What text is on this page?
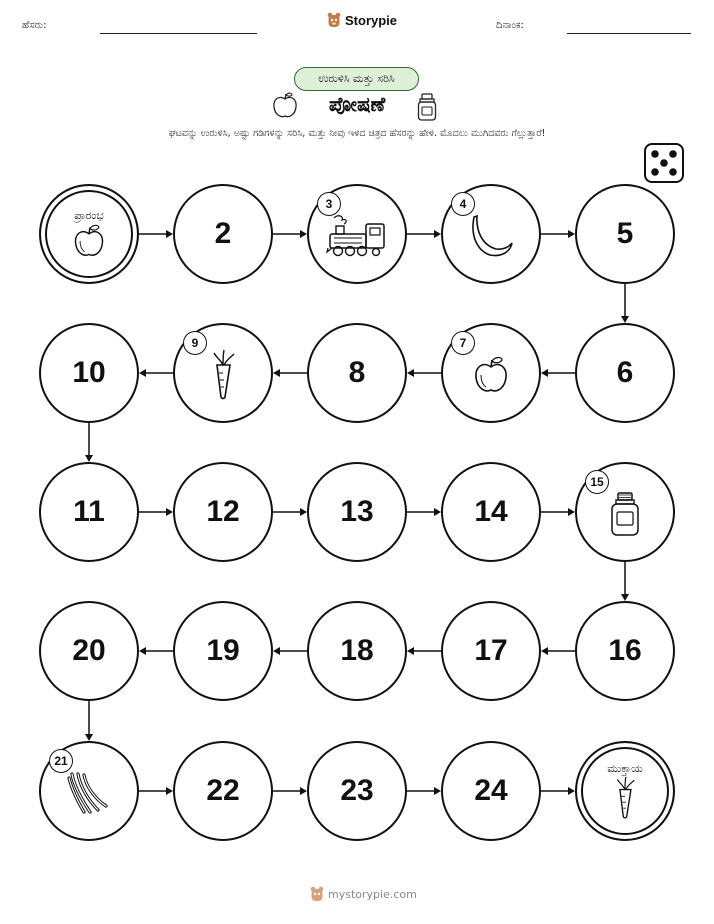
ಹೆಸರು:	Storypie	ದಿನಾಂಕ:
ಉರುಳಿಸಿ ಮತ್ತು ಸರಿಸಿ
ಪೋಷಣೆ
ಘಟವನ್ನು ಉರುಳಿಸಿ, ಅಷ್ಟು ಗಡಿಗಳನ್ನು ಸರಿಸಿ, ಮತ್ತು ನೀವು ಇಳಿದ ಚಿತ್ರದ ಹೆಸರನ್ನು ಹೇಳಿ. ಮೊದಲು ಮುಗಿದವರು ಗೆಲ್ಲುತ್ತಾರೆ!
ಪ್ರಾರಂಭ
2
3	4
5
6
7
8
9
10
11	12	13	14
15
16
17
18
19
20
21
22	23	24
ಮುಕ್ತಾಯ
mystorypie.com
